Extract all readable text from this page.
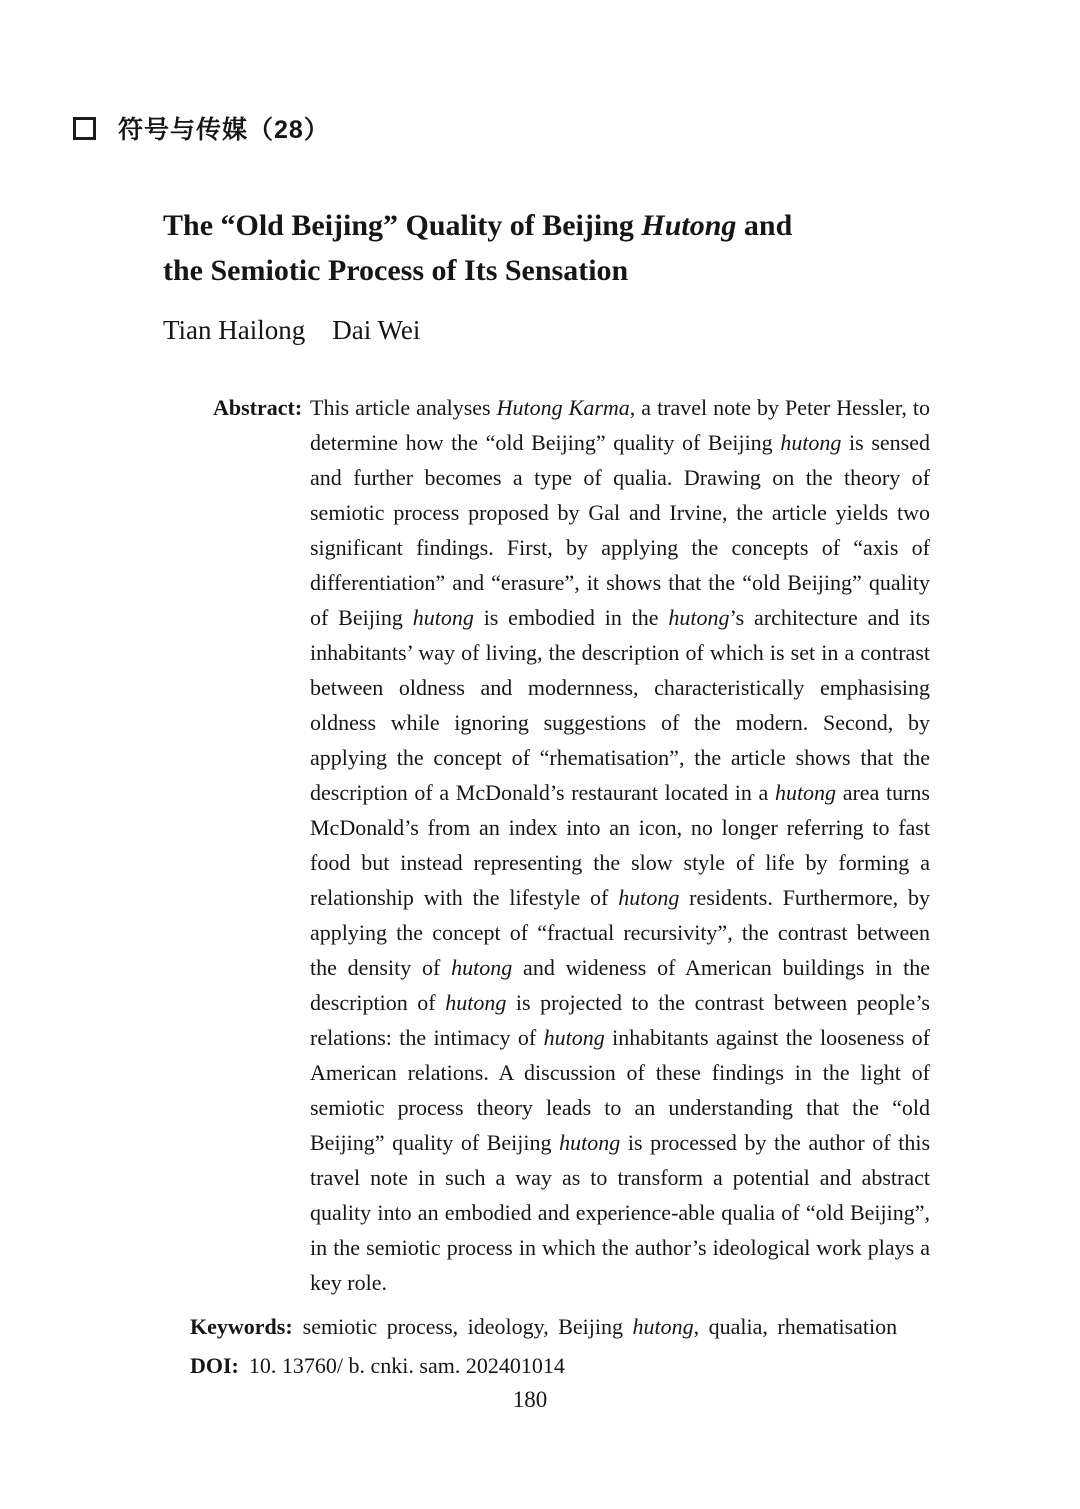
符号与传媒（28）
The “Old Beijing” Quality of Beijing Hutong and
the Semiotic Process of Its Sensation
Tian Hailong Dai Wei
Abstract: This article analyses Hutong Karma, a travel note by Peter Hessler, to determine how the “old Beijing” quality of Beijing hutong is sensed and further becomes a type of qualia. Drawing on the theory of semiotic process proposed by Gal and Irvine, the article yields two significant findings. First, by applying the concepts of “axis of differentiation” and “erasure”, it shows that the “old Beijing” quality of Beijing hutong is embodied in the hutong’s architecture and its inhabitants’ way of living, the description of which is set in a contrast between oldness and modernness, characteristically emphasising oldness while ignoring suggestions of the modern. Second, by applying the concept of “rhematisation”, the article shows that the description of a McDonald’s restaurant located in a hutong area turns McDonald’s from an index into an icon, no longer referring to fast food but instead representing the slow style of life by forming a relationship with the lifestyle of hutong residents. Furthermore, by applying the concept of “fractual recursivity”, the contrast between the density of hutong and wideness of American buildings in the description of hutong is projected to the contrast between people’s relations: the intimacy of hutong inhabitants against the looseness of American relations. A discussion of these findings in the light of semiotic process theory leads to an understanding that the “old Beijing” quality of Beijing hutong is processed by the author of this travel note in such a way as to transform a potential and abstract quality into an embodied and experience-able qualia of “old Beijing”, in the semiotic process in which the author’s ideological work plays a key role.

Keywords: semiotic process, ideology, Beijing hutong, qualia, rhematisation

DOI: 10. 13760/ b. cnki. sam. 202401014

180
